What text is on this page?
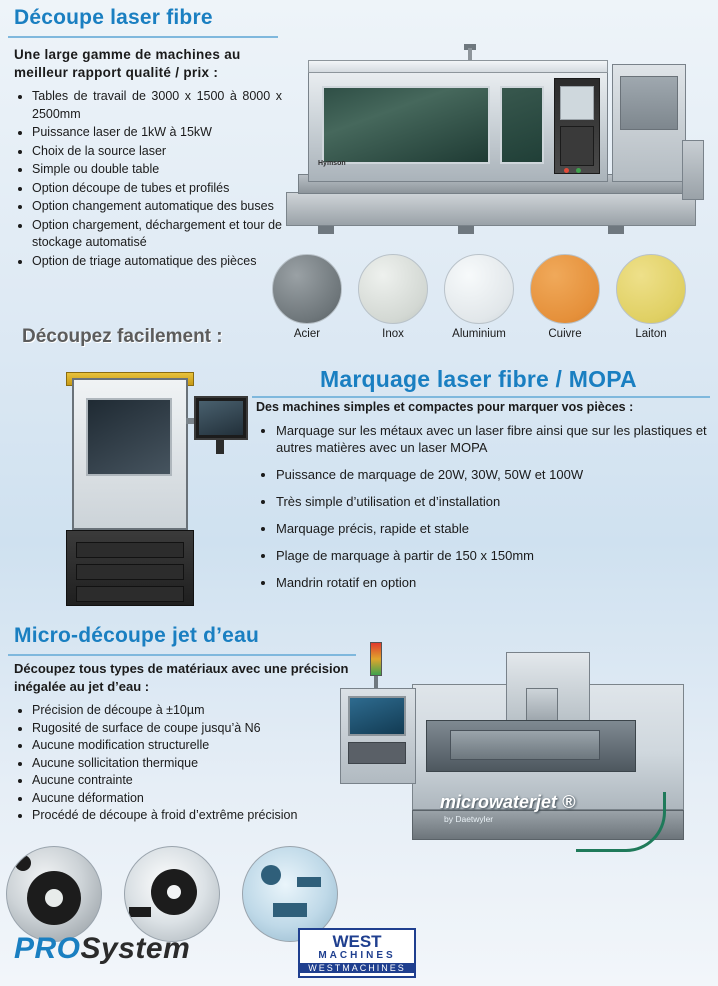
Découpe laser fibre
Une large gamme de machines au meilleur rapport qualité / prix :
• Tables de travail de 3000 x 1500 à 8000 x 2500mm
• Puissance laser de 1kW à 15kW
• Choix de la source laser
• Simple ou double table
• Option découpe de tubes et profilés
• Option changement automatique des buses
• Option chargement, déchargement et tour de stockage automatisé
• Option de triage automatique des pièces
Hymson
Acier	Inox	Aluminium	Cuivre	Laiton
Découpez facilement :
Marquage laser fibre / MOPA
Des machines simples et compactes pour marquer vos pièces :
• Marquage sur les métaux avec un laser fibre ainsi que sur les plastiques et autres matières avec un laser MOPA
• Puissance de marquage de 20W, 30W, 50W et 100W
• Très simple d’utilisation et d’installation
• Marquage précis, rapide et stable
• Plage de marquage à partir de 150 x 150mm
• Mandrin rotatif en option
Micro-découpe jet d’eau
Découpez tous types de matériaux avec une précision inégalée au jet d’eau :
• Précision de découpe à ±10µm
• Rugosité de surface de coupe jusqu’à N6
• Aucune modification structurelle
• Aucune sollicitation thermique
• Aucune contrainte
• Aucune déformation
• Procédé de découpe à froid d’extrême précision
microwaterjet ®
by Daetwyler
PROSystem	WEST
MACHINES
WESTMACHINES
